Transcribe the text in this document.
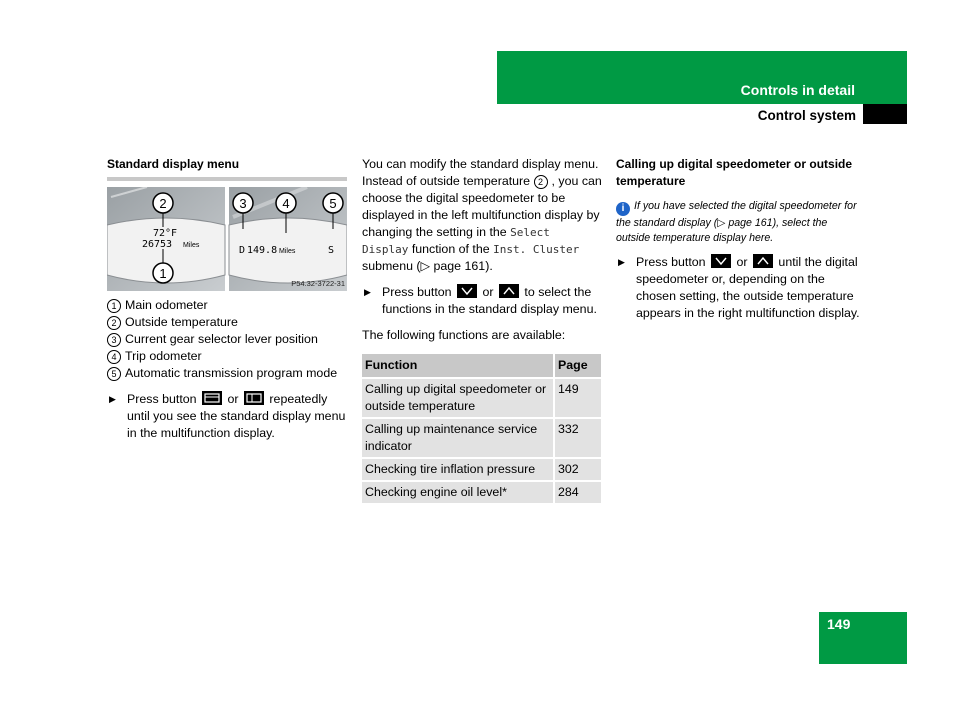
Controls in detail
Control system
Standard display menu
2
1
3	4	5
72°F
26753 Miles	D 149.8 Miles	S
P54.32-3722-31
1 Main odometer
2 Outside temperature
3 Current gear selector lever position
4 Trip odometer
5 Automatic transmission program mode
▶ Press button or repeatedly until you see the standard display menu in the multifunction display.

You can modify the standard display menu. Instead of outside temperature 2 , you can choose the digital speedometer to be displayed in the left multifunction display by changing the setting in the Select Display function of the Inst. Cluster submenu (▷ page 161).

▶ Press button or to select the functions in the standard display menu.

The following functions are available:

Function	Page
Calling up digital speedometer or outside temperature	149
Calling up maintenance service indicator	332
Checking tire inflation pressure	302
Checking engine oil level*	284
Calling up digital speedometer or outside temperature
i If you have selected the digital speedometer for the standard display (▷ page 161), select the outside temperature display here.
▶ Press button or until the digital speedometer or, depending on the chosen setting, the outside temperature appears in the right multifunction display.
149
